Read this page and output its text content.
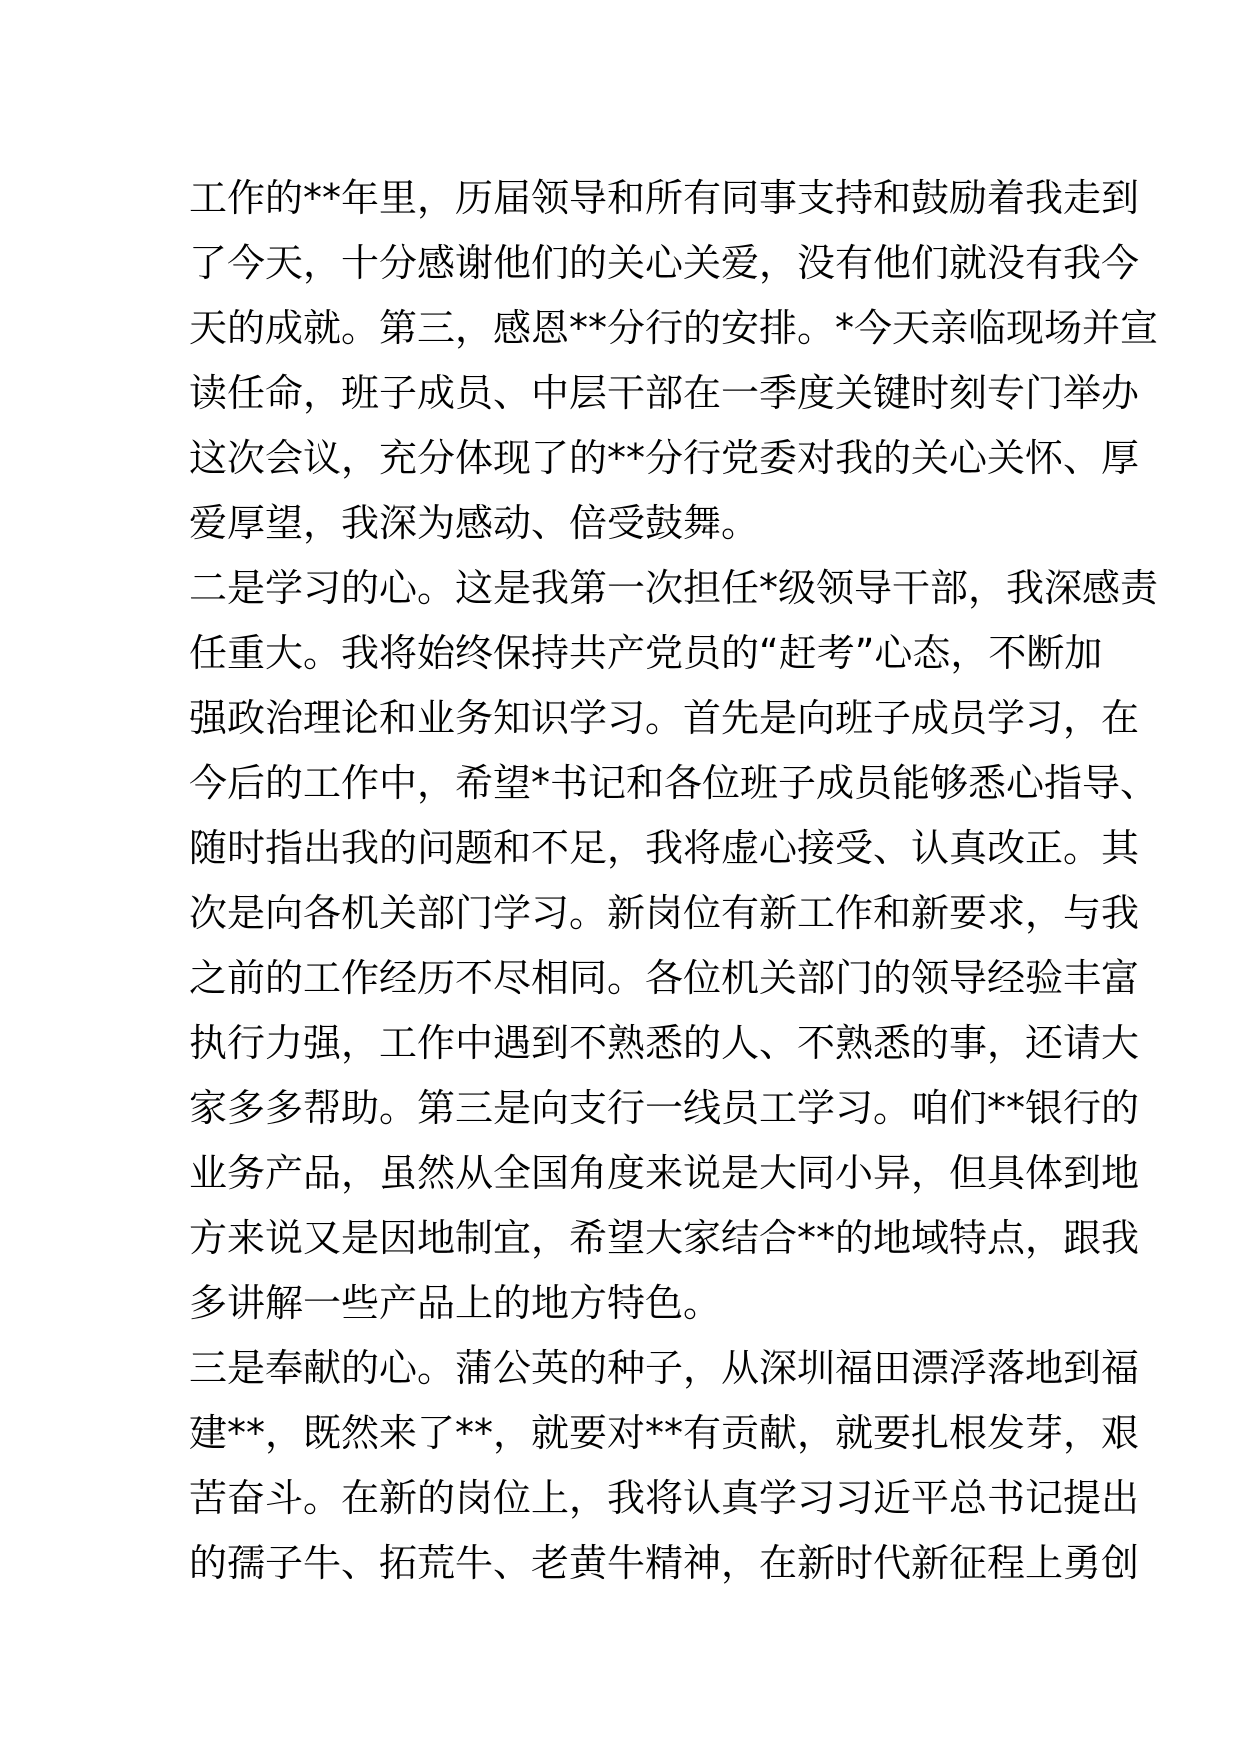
工作的**年里，历届领导和所有同事支持和鼓励着我走到
了今天，十分感谢他们的关心关爱，没有他们就没有我今
天的成就。第三，感恩**分行的安排。*今天亲临现场并宣
读任命，班子成员、中层干部在一季度关键时刻专门举办
这次会议，充分体现了的**分行党委对我的关心关怀、厚
爱厚望，我深为感动、倍受鼓舞。
二是学习的心。这是我第一次担任*级领导干部，我深感责
任重大。我将始终保持共产党员的“赶考”心态，不断加
强政治理论和业务知识学习。首先是向班子成员学习，在
今后的工作中，希望*书记和各位班子成员能够悉心指导、
随时指出我的问题和不足，我将虚心接受、认真改正。其
次是向各机关部门学习。新岗位有新工作和新要求，与我
之前的工作经历不尽相同。各位机关部门的领导经验丰富
执行力强，工作中遇到不熟悉的人、不熟悉的事，还请大
家多多帮助。第三是向支行一线员工学习。咱们**银行的
业务产品，虽然从全国角度来说是大同小异，但具体到地
方来说又是因地制宜，希望大家结合**的地域特点，跟我
多讲解一些产品上的地方特色。
三是奉献的心。蒲公英的种子，从深圳福田漂浮落地到福
建**，既然来了**，就要对**有贡献，就要扎根发芽，艰
苦奋斗。在新的岗位上，我将认真学习习近平总书记提出
的孺子牛、拓荒牛、老黄牛精神，在新时代新征程上勇创
